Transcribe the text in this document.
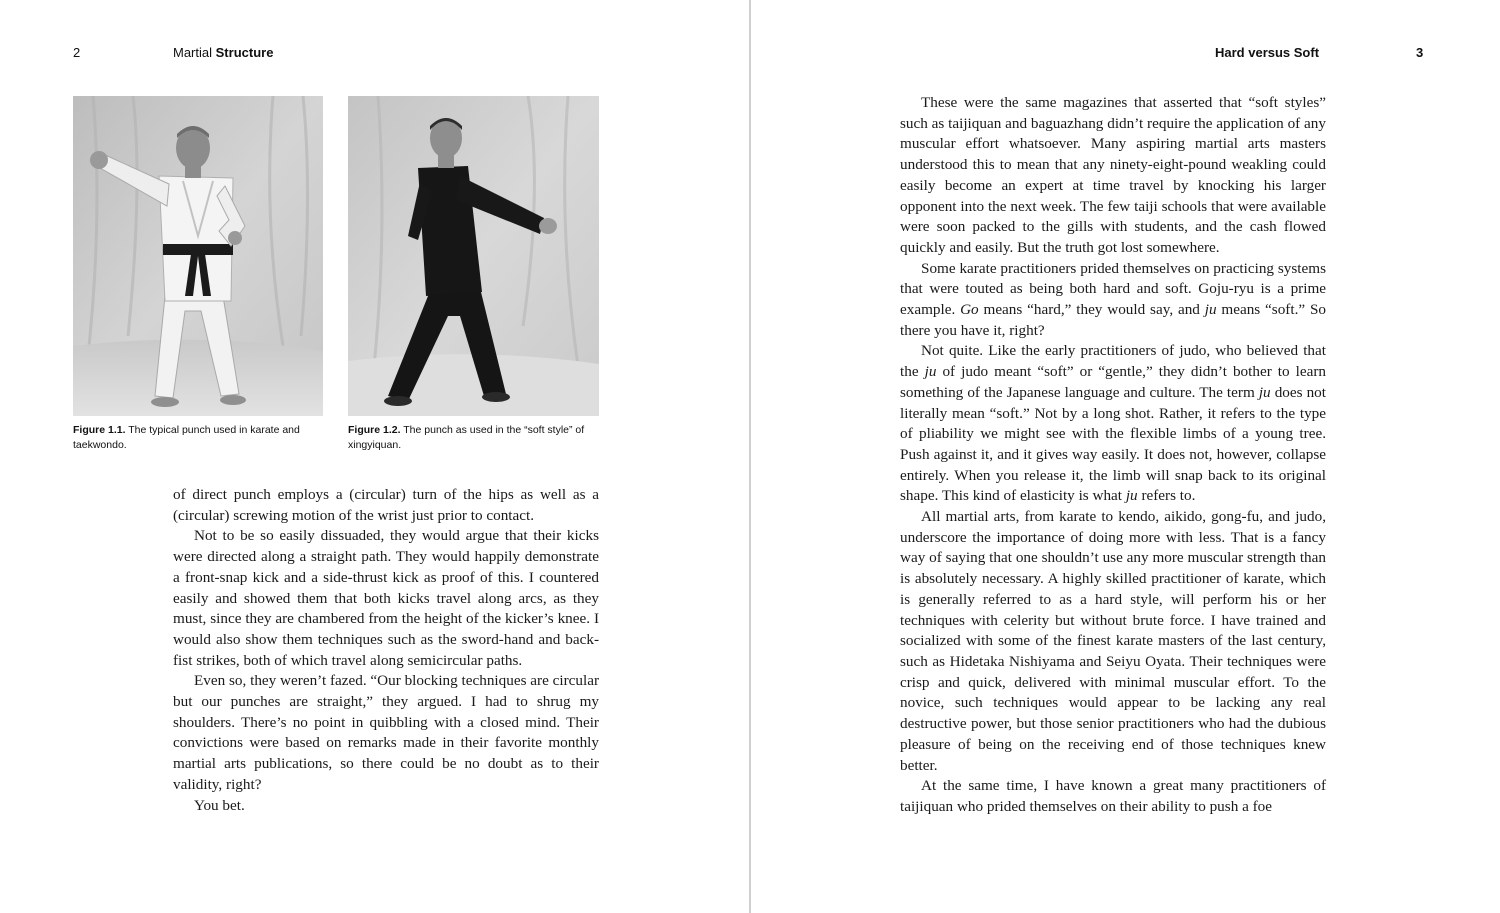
2	Martial Structure
Figure 1.1. The typical punch used in karate and taekwondo.
Figure 1.2. The punch as used in the “soft style” of xingyiquan.

of direct punch employs a (circular) turn of the hips as well as a (circular) screwing motion of the wrist just prior to contact.

Not to be so easily dissuaded, they would argue that their kicks were directed along a straight path. They would happily demonstrate a front-snap kick and a side-thrust kick as proof of this. I countered easily and showed them that both kicks travel along arcs, as they must, since they are chambered from the height of the kicker’s knee. I would also show them techniques such as the sword-hand and back-fist strikes, both of which travel along semicircular paths.

Even so, they weren’t fazed. “Our blocking techniques are circular but our punches are straight,” they argued. I had to shrug my shoulders. There’s no point in quibbling with a closed mind. Their convictions were based on remarks made in their favorite monthly martial arts publications, so there could be no doubt as to their validity, right?

You bet.

Hard versus Soft	3

These were the same magazines that asserted that “soft styles” such as taijiquan and baguazhang didn’t require the application of any muscular effort whatsoever. Many aspiring martial arts masters understood this to mean that any ninety-eight-pound weakling could easily become an expert at time travel by knocking his larger opponent into the next week. The few taiji schools that were available were soon packed to the gills with students, and the cash flowed quickly and easily. But the truth got lost somewhere.

Some karate practitioners prided themselves on practicing systems that were touted as being both hard and soft. Goju-ryu is a prime example. Go means “hard,” they would say, and ju means “soft.” So there you have it, right?

Not quite. Like the early practitioners of judo, who believed that the ju of judo meant “soft” or “gentle,” they didn’t bother to learn something of the Japanese language and culture. The term ju does not literally mean “soft.” Not by a long shot. Rather, it refers to the type of pliability we might see with the flexible limbs of a young tree. Push against it, and it gives way easily. It does not, however, collapse entirely. When you release it, the limb will snap back to its original shape. This kind of elasticity is what ju refers to.

All martial arts, from karate to kendo, aikido, gong-fu, and judo, underscore the importance of doing more with less. That is a fancy way of saying that one shouldn’t use any more muscular strength than is absolutely necessary. A highly skilled practitioner of karate, which is generally referred to as a hard style, will perform his or her techniques with celerity but without brute force. I have trained and socialized with some of the finest karate masters of the last century, such as Hidetaka Nishiyama and Seiyu Oyata. Their techniques were crisp and quick, delivered with minimal muscular effort. To the novice, such techniques would appear to be lacking any real destructive power, but those senior practitioners who had the dubious pleasure of being on the receiving end of those techniques knew better.

At the same time, I have known a great many practitioners of taijiquan who prided themselves on their ability to push a foe
